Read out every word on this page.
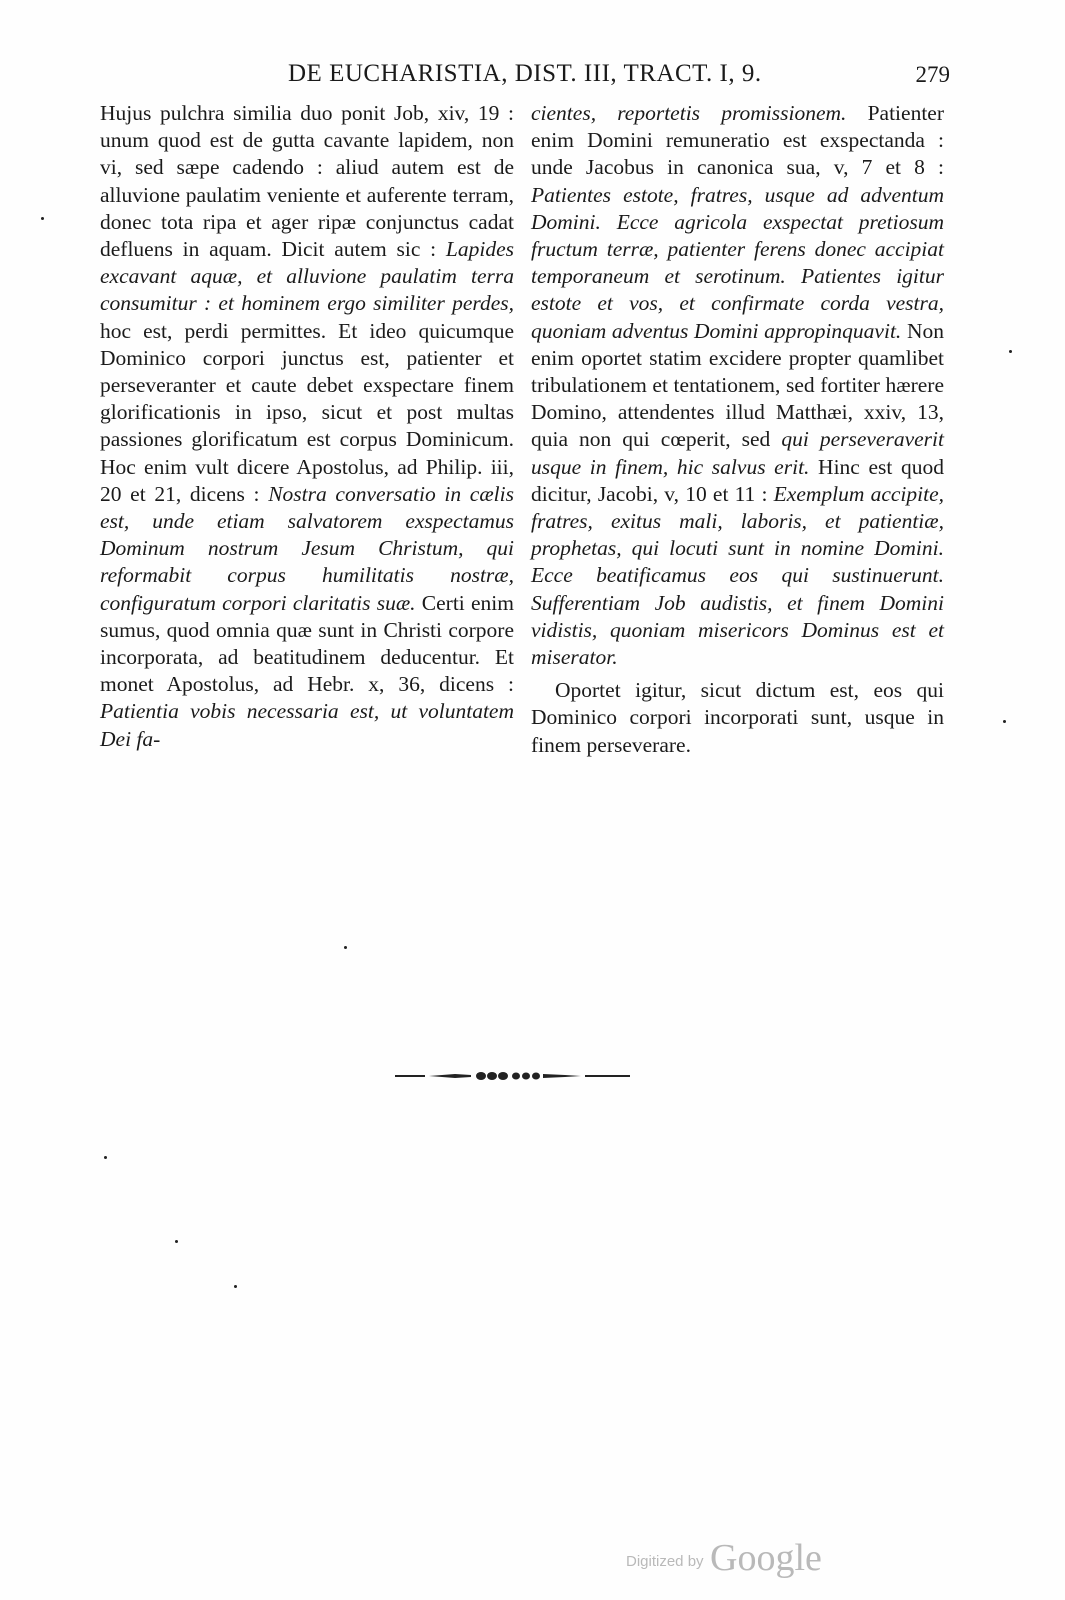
DE EUCHARISTIA, DIST. III, TRACT. I, 9.	279

Hujus pulchra similia duo ponit Job, xiv, 19 : unum quod est de gutta cavante lapidem, non vi, sed sæpe cadendo : aliud autem est de alluvione paulatim veniente et auferente terram, donec tota ripa et ager ripæ conjunctus cadat defluens in aquam. Dicit autem sic : Lapides excavant aquæ, et alluvione paulatim terra consumitur : et hominem ergo similiter perdes, hoc est, perdi permittes. Et ideo quicumque Dominico corpori junctus est, patienter et perseveranter et caute debet exspectare finem glorificationis in ipso, sicut et post multas passiones glorificatum est corpus Dominicum. Hoc enim vult dicere Apostolus, ad Philip. iii, 20 et 21, dicens : Nostra conversatio in cælis est, unde etiam salvatorem exspectamus Dominum nostrum Jesum Christum, qui reformabit corpus humilitatis nostræ, configuratum corpori claritatis suæ. Certi enim sumus, quod omnia quæ sunt in Christi corpore incorporata, ad beatitudinem deducentur. Et monet Apostolus, ad Hebr. x, 36, dicens : Patientia vobis necessaria est, ut voluntatem Dei fa-

cientes, reportetis promissionem. Patienter enim Domini remuneratio est exspectanda : unde Jacobus in canonica sua, v, 7 et 8 : Patientes estote, fratres, usque ad adventum Domini. Ecce agricola exspectat pretiosum fructum terræ, patienter ferens donec accipiat temporaneum et serotinum. Patientes igitur estote et vos, et confirmate corda vestra, quoniam adventus Domini appropinquavit. Non enim oportet statim excidere propter quamlibet tribulationem et tentationem, sed fortiter hærere Domino, attendentes illud Matthæi, xxiv, 13, quia non qui cœperit, sed qui perseveraverit usque in finem, hic salvus erit. Hinc est quod dicitur, Jacobi, v, 10 et 11 : Exemplum accipite, fratres, exitus mali, laboris, et patientiæ, prophetas, qui locuti sunt in nomine Domini. Ecce beatificamus eos qui sustinuerunt. Sufferentiam Job audistis, et finem Domini vidistis, quoniam misericors Dominus est et miserator.

Oportet igitur, sicut dictum est, eos qui Dominico corpori incorporati sunt, usque in finem perseverare.

Digitized by Google
